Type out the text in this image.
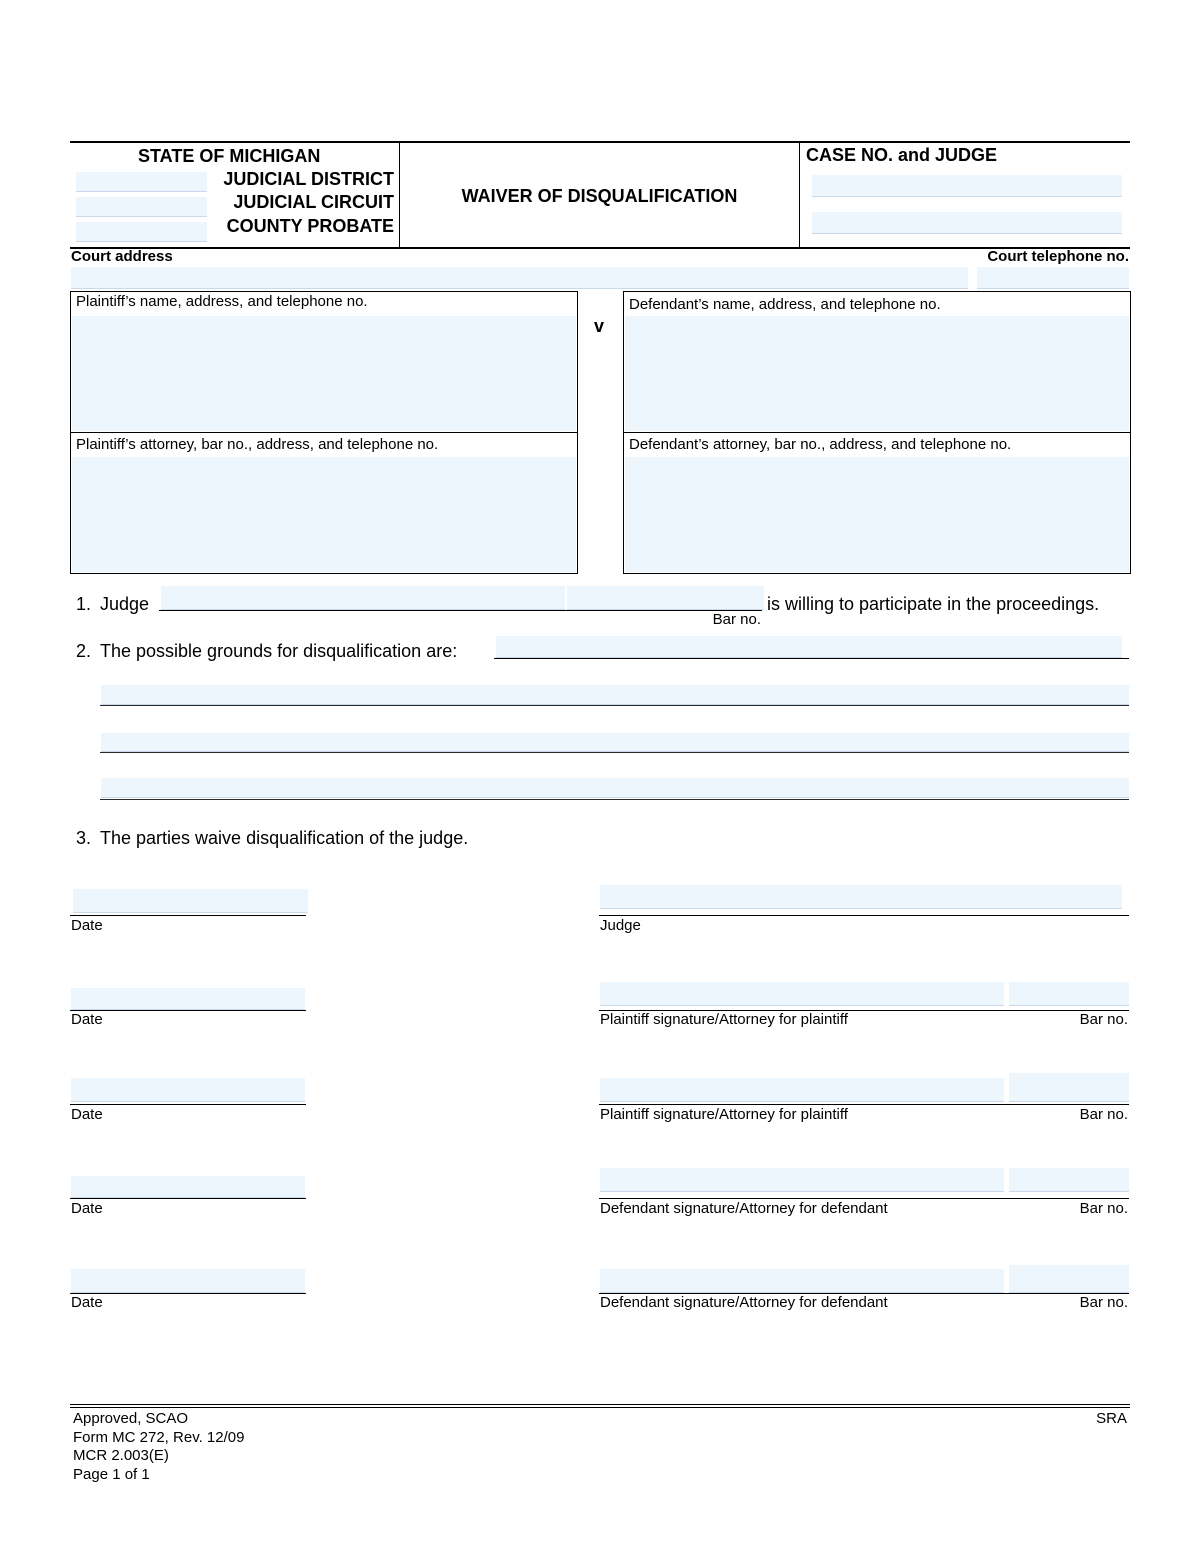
STATE OF MICHIGAN
JUDICIAL DISTRICT
JUDICIAL CIRCUIT
COUNTY PROBATE
WAIVER OF DISQUALIFICATION
CASE NO. and JUDGE
Court address	Court telephone no.
Plaintiff’s name, address, and telephone no.
Plaintiff’s attorney, bar no., address, and telephone no.
v
Defendant’s name, address, and telephone no.
Defendant’s attorney, bar no., address, and telephone no.
1. Judge	is willing to participate in the proceedings.
Bar no.
2. The possible grounds for disqualification are:
3. The parties waive disqualification of the judge.
Date	Judge
Date	Plaintiff signature/Attorney for plaintiff	Bar no.
Date	Plaintiff signature/Attorney for plaintiff	Bar no.
Date	Defendant signature/Attorney for defendant	Bar no.
Date	Defendant signature/Attorney for defendant	Bar no.
Approved, SCAO
Form MC 272, Rev. 12/09
MCR 2.003(E)
Page 1 of 1
SRA
